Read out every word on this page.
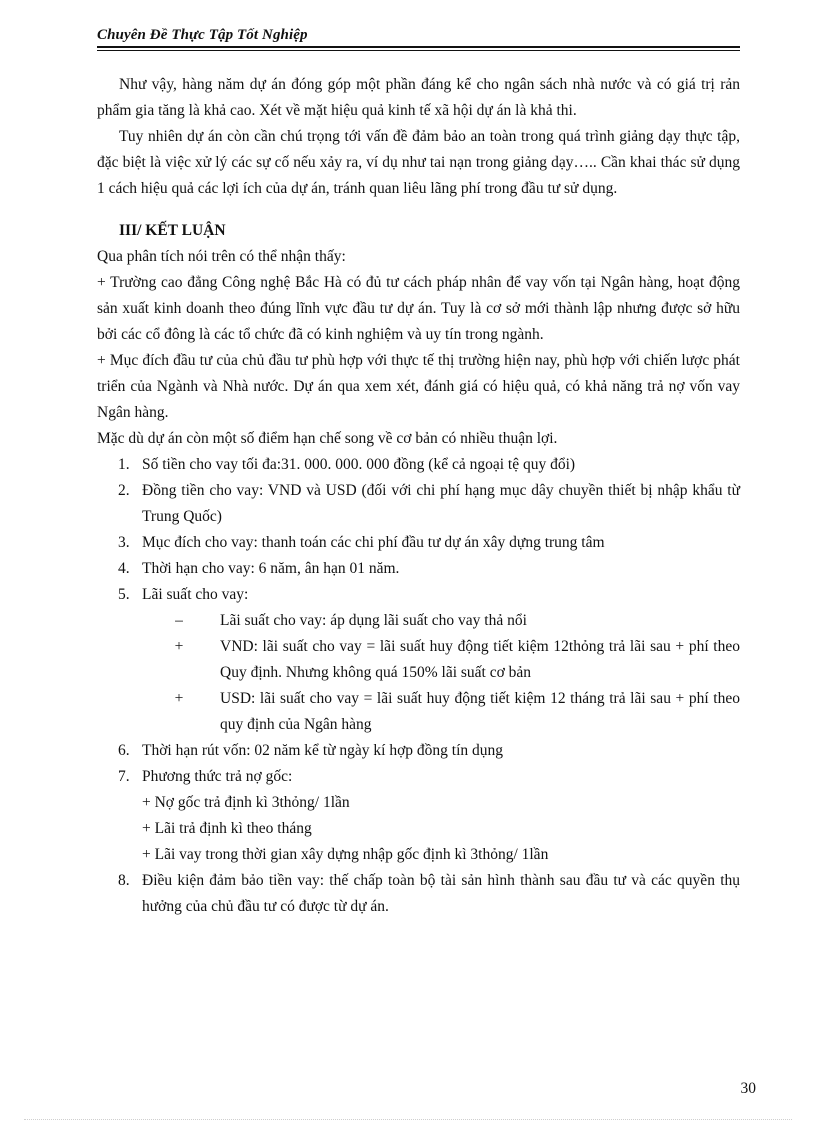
Chuyên Đề Thực Tập Tốt Nghiệp

Như vậy, hàng năm dự án đóng góp một phần đáng kể cho ngân sách nhà nước và có giá trị rản phẩm gia tăng là khả cao. Xét về mặt hiệu quả kinh tế xã hội dự án là khả thi.

Tuy nhiên dự án còn cần chú trọng tới vấn đề đảm bảo an toàn trong quá trình giảng dạy thực tập, đặc biệt là việc xử lý các sự cố nếu xảy ra, ví dụ như tai nạn trong giảng dạy….. Cần khai thác sử dụng 1 cách hiệu quả các lợi ích của dự án, tránh quan liêu lãng phí trong đầu tư sử dụng.

III/ KẾT LUẬN

Qua phân tích nói trên có thể nhận thấy:

+ Trường cao đẳng Công nghệ Bắc Hà có đủ tư cách pháp nhân để vay vốn tại Ngân hàng, hoạt động sản xuất kinh doanh theo đúng lĩnh vực đầu tư dự án. Tuy là cơ sở mới thành lập nhưng được sở hữu bởi các cổ đông là các tổ chức đã có kinh nghiệm và uy tín trong ngành.

+ Mục đích đầu tư của chủ đầu tư phù hợp với thực tế thị trường hiện nay, phù hợp với chiến lược phát triển của Ngành và Nhà nước. Dự án qua xem xét, đánh giá có hiệu quả, có khả năng trả nợ vốn vay Ngân hàng.

Mặc dù dự án còn một số điểm hạn chế song về cơ bản có nhiều thuận lợi.

1. Số tiền cho vay tối đa:31. 000. 000. 000 đồng (kể cả ngoại tệ quy đổi)
2. Đồng tiền cho vay: VND và USD (đối với chi phí hạng mục dây chuyền thiết bị nhập khẩu từ Trung Quốc)
3. Mục đích cho vay: thanh toán các chi phí đầu tư dự án xây dựng trung tâm
4. Thời hạn cho vay: 6 năm, ân hạn 01 năm.
5. Lãi suất cho vay:
–	Lãi suất cho vay: áp dụng lãi suất cho vay thả nổi
+	VND: lãi suất cho vay = lãi suất huy động tiết kiệm 12thỏng trả lãi sau + phí theo Quy định. Nhưng không quá 150% lãi suất cơ bản
+	USD: lãi suất cho vay = lãi suất huy động tiết kiệm 12 tháng trả lãi sau + phí theo quy định của Ngân hàng
6. Thời hạn rút vốn: 02 năm kể từ ngày kí hợp đồng tín dụng
7. Phương thức trả nợ gốc:
+ Nợ gốc trả định kì 3thỏng/ 1lần
+ Lãi trả định kì theo tháng
+ Lãi vay trong thời gian xây dựng nhập gốc định kì 3thỏng/ 1lần
8. Điều kiện đảm bảo tiền vay: thế chấp toàn bộ tài sản hình thành sau đầu tư và các quyền thụ hưởng của chủ đầu tư có được từ dự án.
30
